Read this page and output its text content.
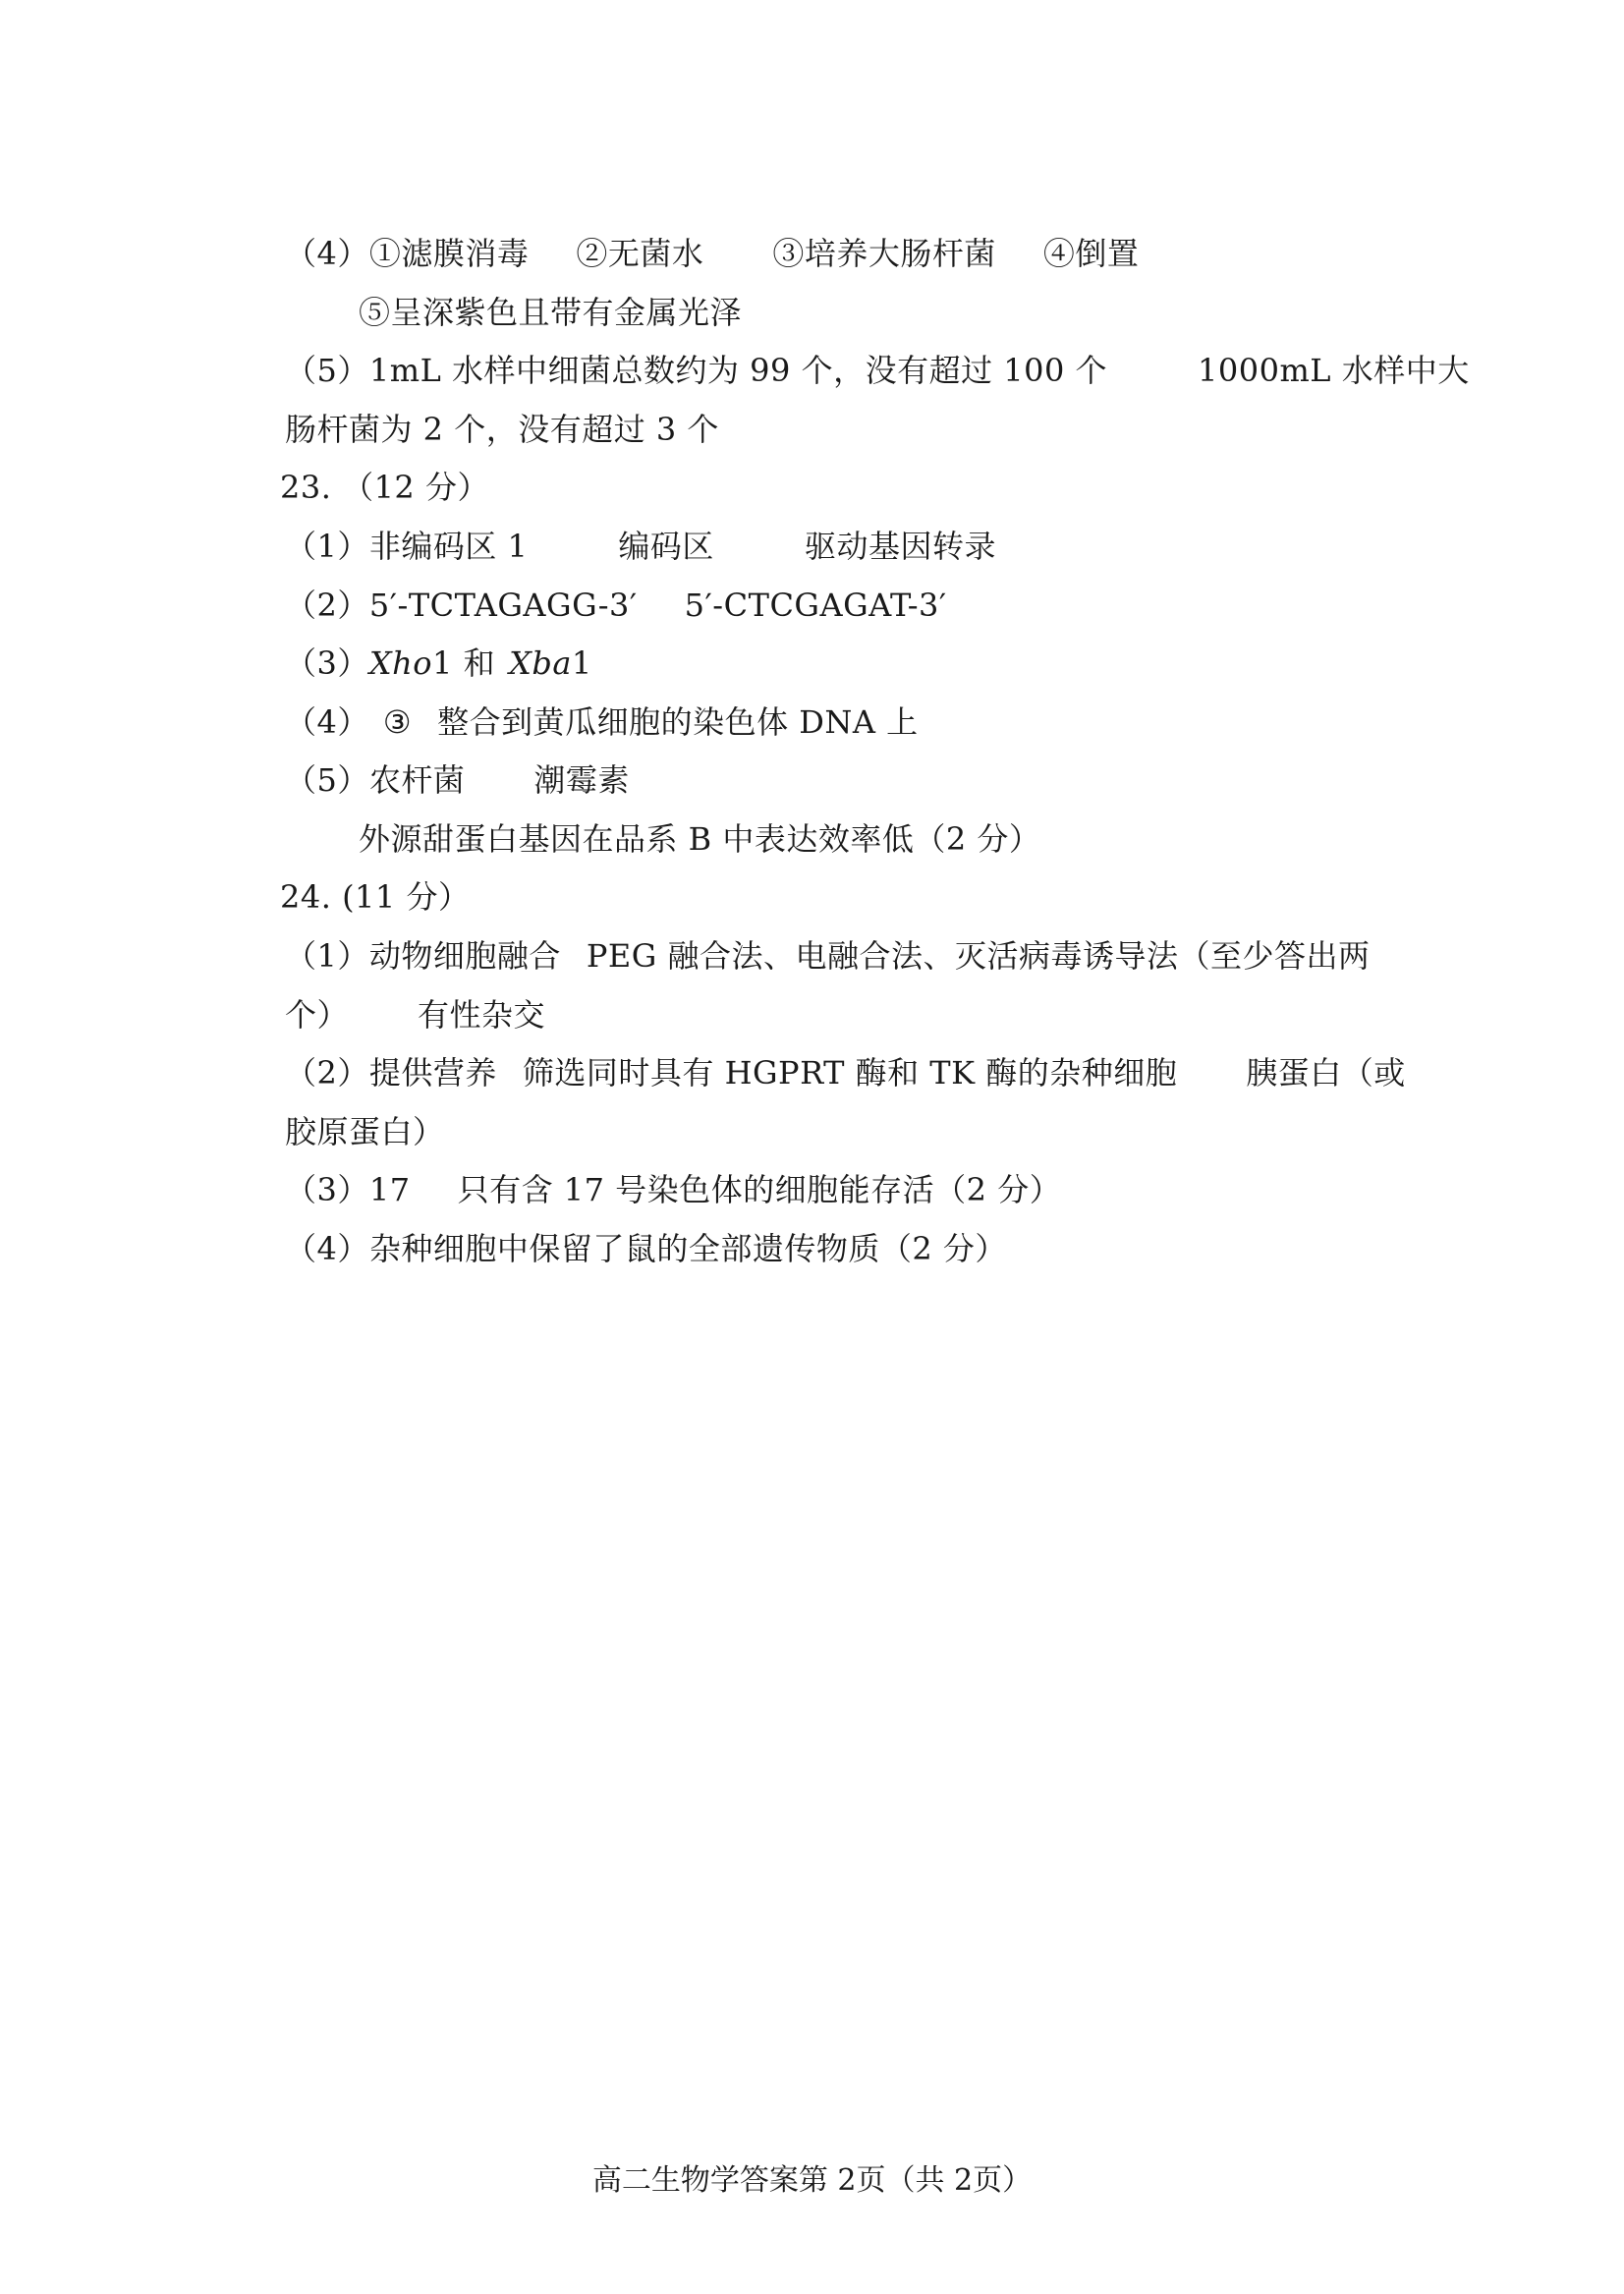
（4）①滤膜消毒 ②无菌水 ③培养大肠杆菌 ④倒置
⑤呈深紫色且带有金属光泽
（5）1mL 水样中细菌总数约为 99 个，没有超过 100 个	1000mL 水样中大
肠杆菌为 2 个，没有超过 3 个
23. （12 分）
（1）非编码区 1	编码区	驱动基因转录
（2）5′-TCTAGAGG-3′ 5′-CTCGAGAT-3′
（3）Xho1 和 Xba1
（4） ③ 整合到黄瓜细胞的染色体 DNA 上
（5）农杆菌 潮霉素
外源甜蛋白基因在品系 B 中表达效率低（2 分）
24. (11 分）
（1）动物细胞融合 PEG 融合法、电融合法、灭活病毒诱导法（至少答出两
个） 有性杂交
（2）提供营养 筛选同时具有 HGPRT 酶和 TK 酶的杂种细胞 胰蛋白（或
胶原蛋白）
（3）17 只有含 17 号染色体的细胞能存活（2 分）
（4）杂种细胞中保留了鼠的全部遗传物质（2 分）
高二生物学答案第 2页（共 2页）
